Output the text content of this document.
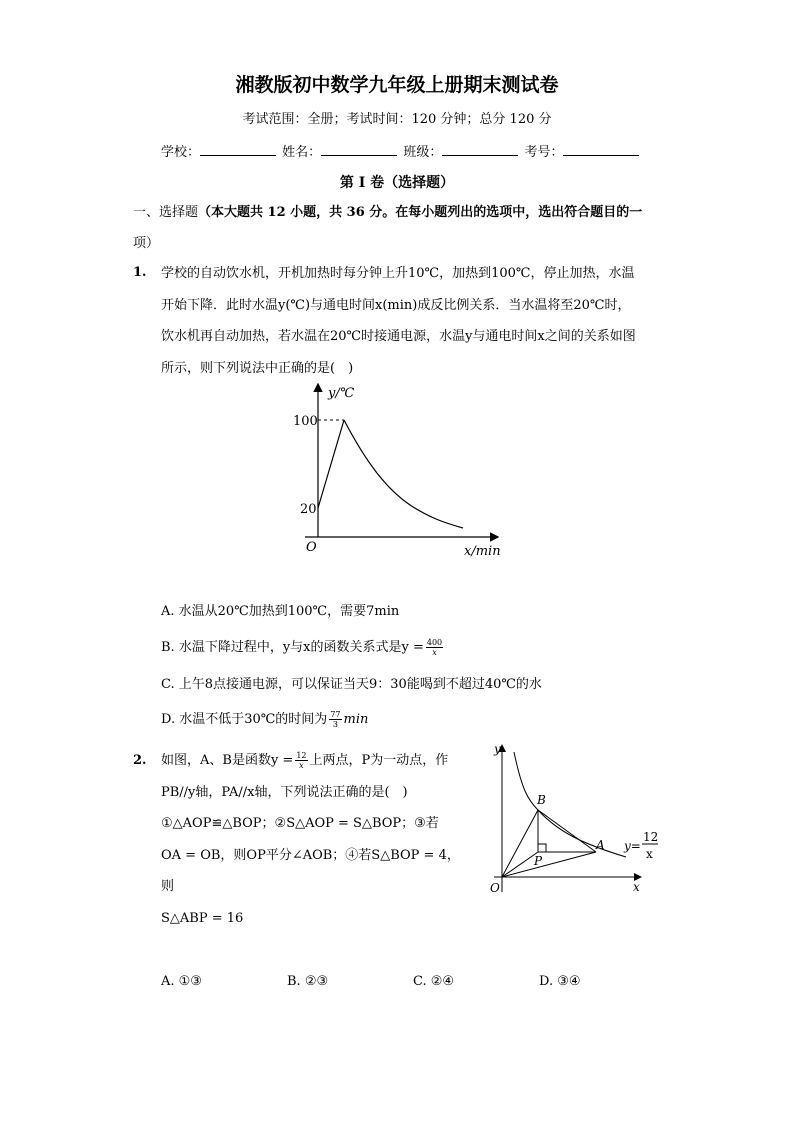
湘教版初中数学九年级上册期末测试卷
考试范围：全册；考试时间：120 分钟；总分 120 分
学校：	姓名：	班级：	考号：
第 I 卷（选择题）
一、选择题（本大题共 12 小题，共 36 分。在每小题列出的选项中，选出符合题目的一
项）
1. 学校的自动饮水机，开机加热时每分钟上升10℃，加热到100℃，停止加热，水温
开始下降．此时水温y(℃)与通电时间x(min)成反比例关系．当水温将至20℃时，
饮水机再自动加热，若水温在20℃时接通电源，水温y与通电时间x之间的关系如图
所示，则下列说法中正确的是(　)
y/℃
x/min
O
100
20
A. 水温从20℃加热到100℃，需要7min
B. 水温下降过程中，y与x的函数关系式是$y = \frac{400}{x}$
C. 上午8点接通电源，可以保证当天9：30能喝到不超过40℃的水
D. 水温不低于30℃的时间为 $\frac{77}{3}$ min
2. 如图，A、B是函数$y = \frac{12}{x}$ 上两点，P为一动点，作
PB//y轴，PA//x轴，下列说法正确的是(　)
①△AOP≌△BOP；②S△AOP = S△BOP；③若
OA = OB，则OP平分∠AOB；④若S△BOP = 4，则
S△ABP = 16
y
x
O
A
B
P
y=
12
x
A. ①③	B. ②③	C. ②④	D. ③④
